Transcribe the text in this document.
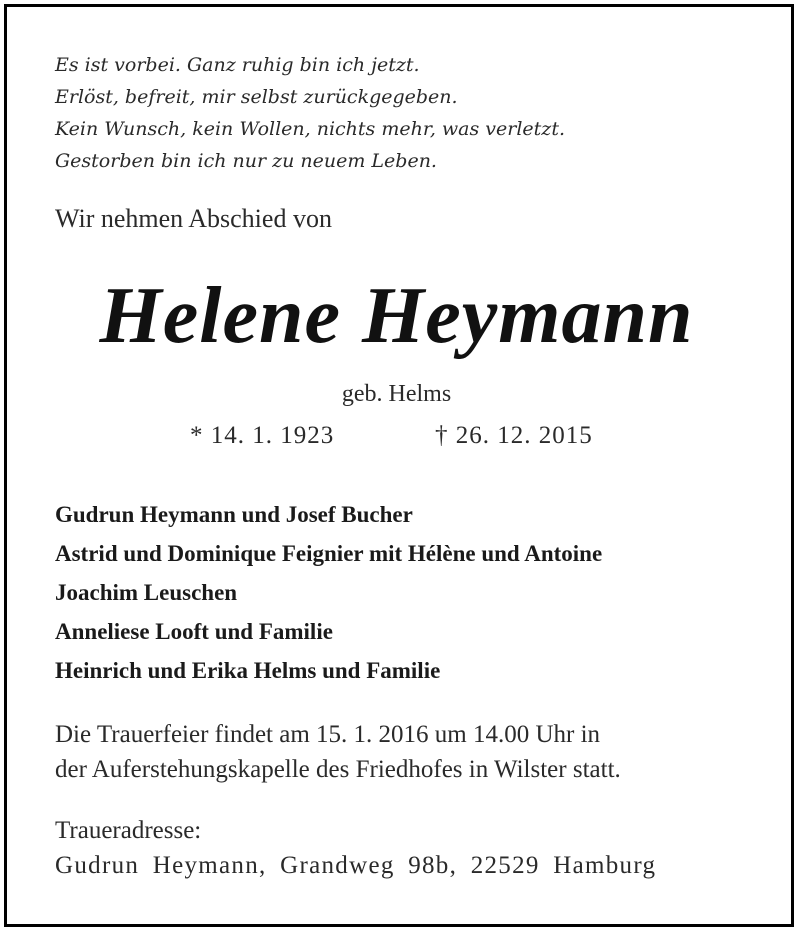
Es ist vorbei. Ganz ruhig bin ich jetzt.
Erlöst, befreit, mir selbst zurückgegeben.
Kein Wunsch, kein Wollen, nichts mehr, was verletzt.
Gestorben bin ich nur zu neuem Leben.
Wir nehmen Abschied von
Helene Heymann
geb. Helms
* 14. 1. 1923	† 26. 12. 2015
Gudrun Heymann und Josef Bucher
Astrid und Dominique Feignier mit Hélène und Antoine
Joachim Leuschen
Anneliese Looft und Familie
Heinrich und Erika Helms und Familie
Die Trauerfeier findet am 15. 1. 2016 um 14.00 Uhr in
der Auferstehungskapelle des Friedhofes in Wilster statt.
Traueradresse:
Gudrun Heymann, Grandweg 98b, 22529 Hamburg
